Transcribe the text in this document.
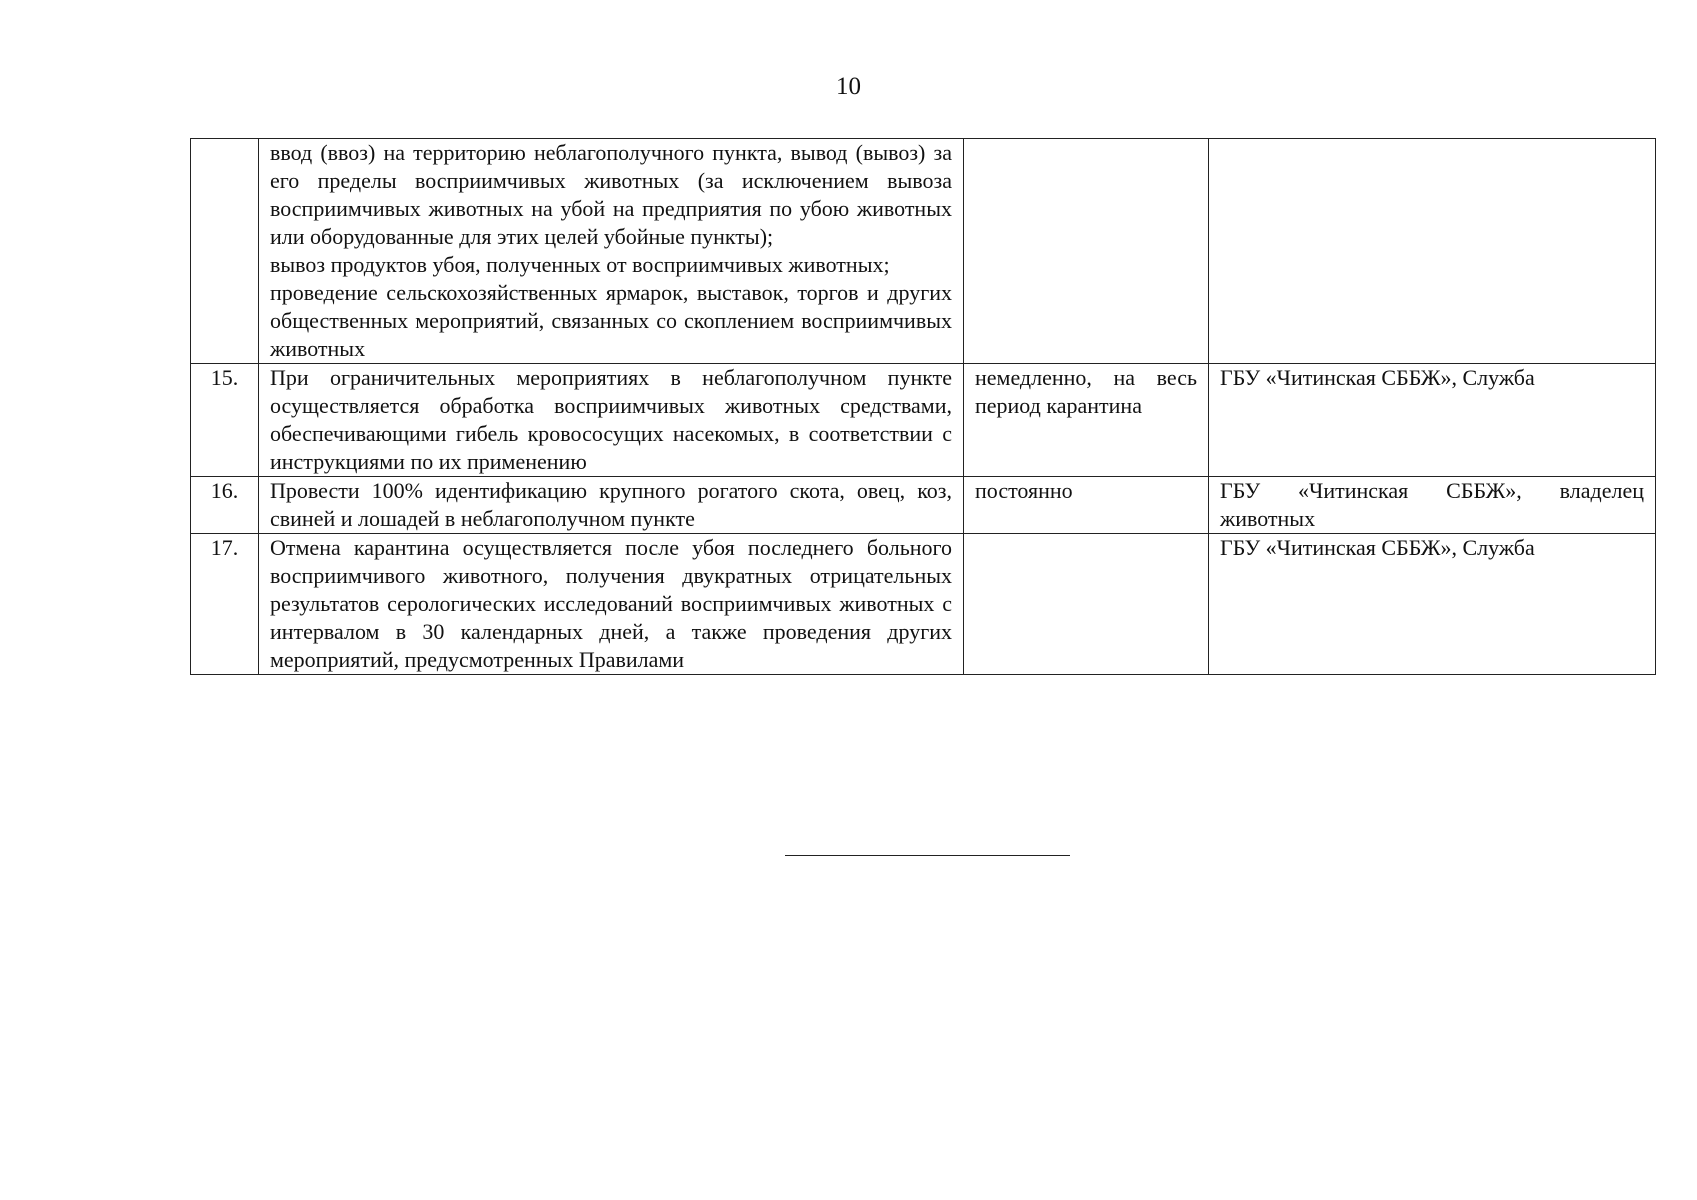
10

	ввод (ввоз) на территорию неблагополучного пункта, вывод (вывоз) за его пределы восприимчивых животных (за исключением вывоза восприимчивых животных на убой на предприятия по убою животных или оборудованные для этих целей убойные пункты);
вывоз продуктов убоя, полученных от восприимчивых животных;
проведение сельскохозяйственных ярмарок, выставок, торгов и других общественных мероприятий, связанных со скоплением восприимчивых животных		

15.	При ограничительных мероприятиях в неблагополучном пункте осуществляется обработка восприимчивых животных средствами, обеспечивающими гибель кровососущих насекомых, в соответствии с инструкциями по их применению	немедленно, на весь период карантина	ГБУ «Читинская СББЖ», Служба
16.	Провести 100% идентификацию крупного рогатого скота, овец, коз, свиней и лошадей в неблагополучном пункте	постоянно	ГБУ «Читинская СББЖ», владелец животных
17.	Отмена карантина осуществляется после убоя последнего больного восприимчивого животного, получения двукратных отрицательных результатов серологических исследований восприимчивых животных с интервалом в 30 календарных дней, а также проведения других мероприятий, предусмотренных Правилами		ГБУ «Читинская СББЖ», Служба
